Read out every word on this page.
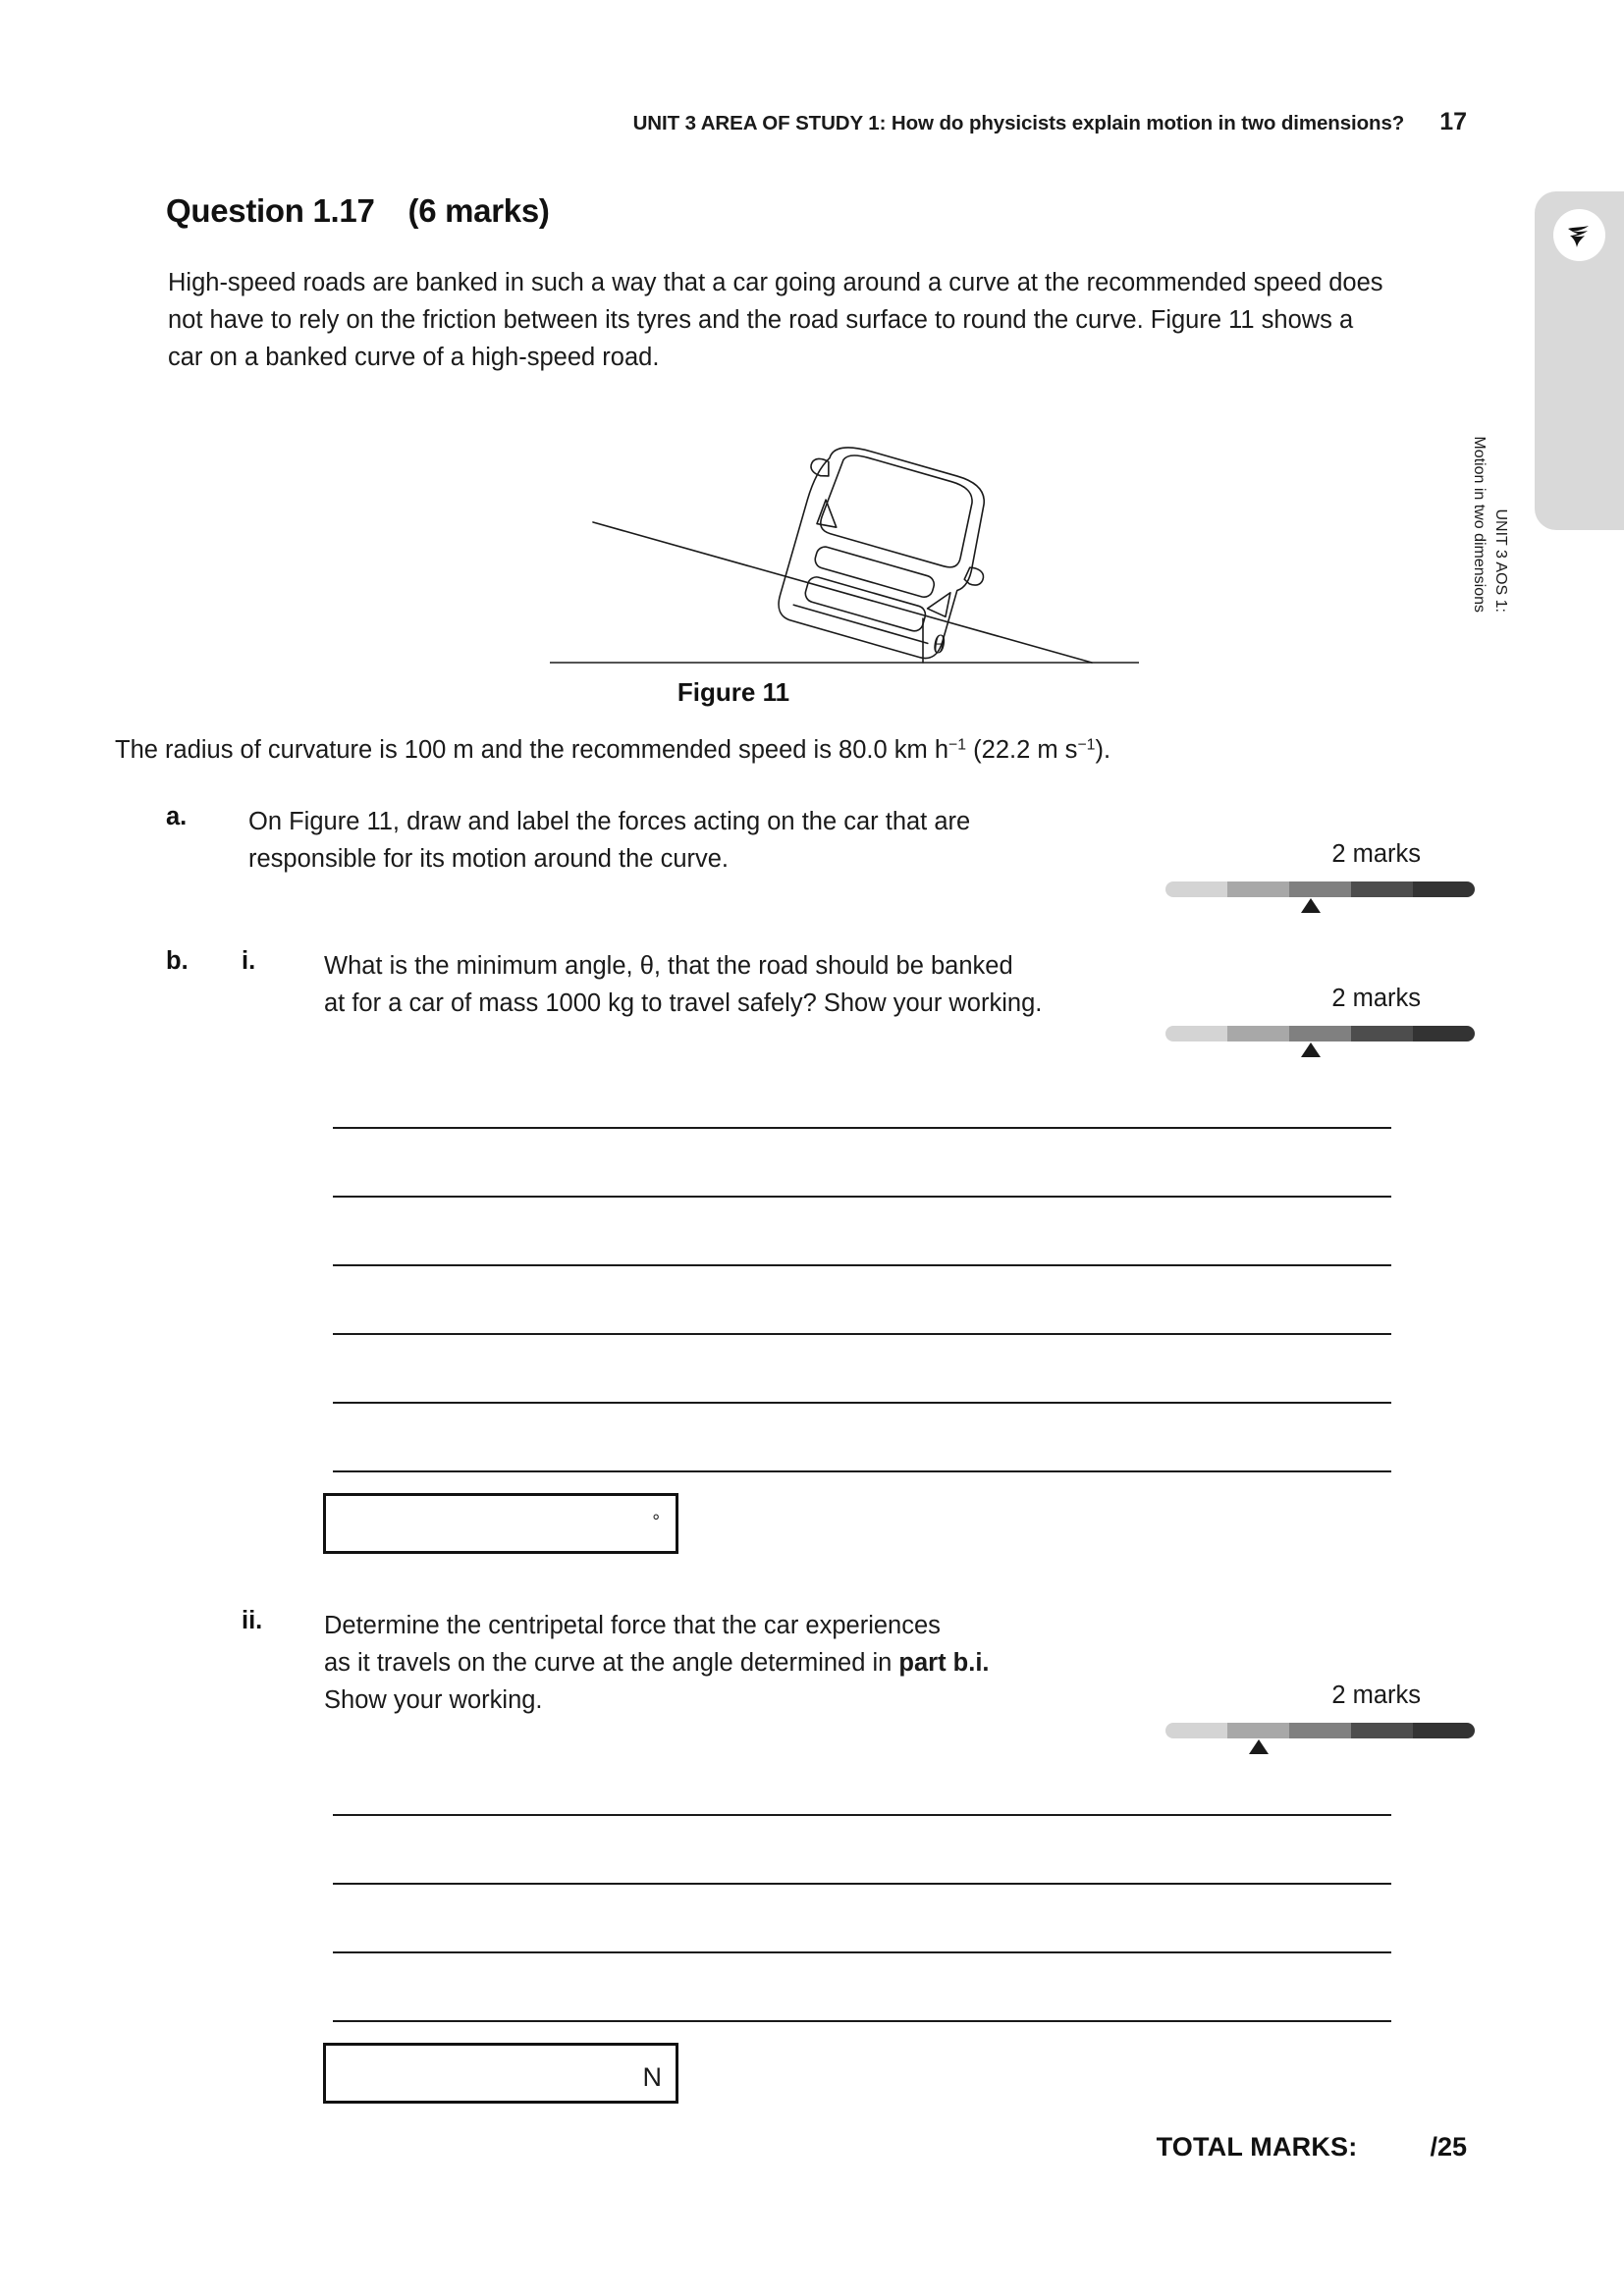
UNIT 3 AREA OF STUDY 1: How do physicists explain motion in two dimensions? 17
UNIT 3 AOS 1:
Motion in two dimensions
Question 1.17 (6 marks)
High-speed roads are banked in such a way that a car going around a curve at the recommended speed does not have to rely on the friction between its tyres and the road surface to round the curve. Figure 11 shows a car on a banked curve of a high-speed road.
θ
Figure 11
The radius of curvature is 100 m and the recommended speed is 80.0 km $h^{-1}$ (22.2 m $s^{-1}$).
a. On Figure 11, draw and label the forces acting on the car that are
responsible for its motion around the curve.	2 marks
b. i.	What is the minimum angle, θ, that the road should be banked
at for a car of mass 1000 kg to travel safely? Show your working.	2 marks
°
ii. Determine the centripetal force that the car experiences
as it travels on the curve at the angle determined in part b.i.
Show your working.	2 marks
N
TOTAL MARKS:	/25
